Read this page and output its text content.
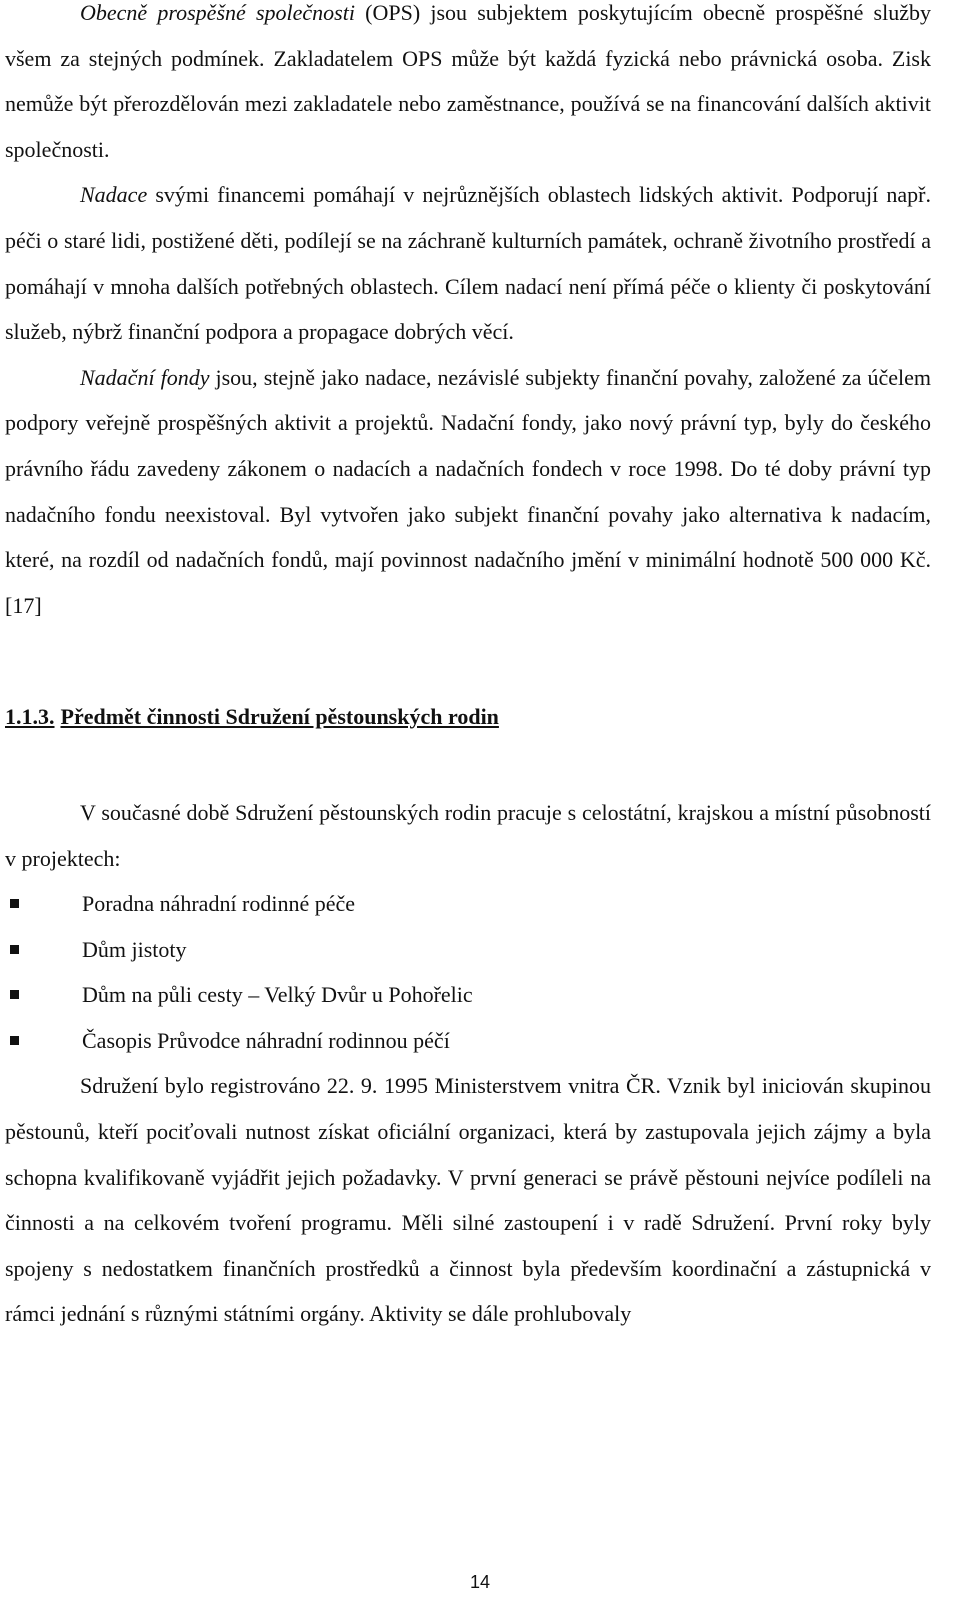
Obecně prospěšné společnosti (OPS) jsou subjektem poskytujícím obecně prospěšné služby všem za stejných podmínek. Zakladatelem OPS může být každá fyzická nebo právnická osoba. Zisk nemůže být přerozdělován mezi zakladatele nebo zaměstnance, používá se na financování dalších aktivit společnosti.

Nadace svými financemi pomáhají v nejrůznějších oblastech lidských aktivit. Podporují např. péči o staré lidi, postižené děti, podílejí se na záchraně kulturních památek, ochraně životního prostředí a pomáhají v mnoha dalších potřebných oblastech. Cílem nadací není přímá péče o klienty či poskytování služeb, nýbrž finanční podpora a propagace dobrých věcí.

Nadační fondy jsou, stejně jako nadace, nezávislé subjekty finanční povahy, založené za účelem podpory veřejně prospěšných aktivit a projektů. Nadační fondy, jako nový právní typ, byly do českého právního řádu zavedeny zákonem o nadacích a nadačních fondech v roce 1998. Do té doby právní typ nadačního fondu neexistoval. Byl vytvořen jako subjekt finanční povahy jako alternativa k nadacím, které, na rozdíl od nadačních fondů, mají povinnost nadačního jmění v minimální hodnotě 500 000 Kč. [17]

1.1.3. Předmět činnosti Sdružení pěstounských rodin

V současné době Sdružení pěstounských rodin pracuje s celostátní, krajskou a místní působností v projektech:

Poradna náhradní rodinné péče
Dům jistoty
Dům na půli cesty – Velký Dvůr u Pohořelic
Časopis Průvodce náhradní rodinnou péčí

Sdružení bylo registrováno 22. 9. 1995 Ministerstvem vnitra ČR. Vznik byl iniciován skupinou pěstounů, kteří pociťovali nutnost získat oficiální organizaci, která by zastupovala jejich zájmy a byla schopna kvalifikovaně vyjádřit jejich požadavky. V první generaci se právě pěstouni nejvíce podíleli na činnosti a na celkovém tvoření programu. Měli silné zastoupení i v radě Sdružení. První roky byly spojeny s nedostatkem finančních prostředků a činnost byla především koordinační a zástupnická v rámci jednání s různými státními orgány. Aktivity se dále prohlubovaly

14
